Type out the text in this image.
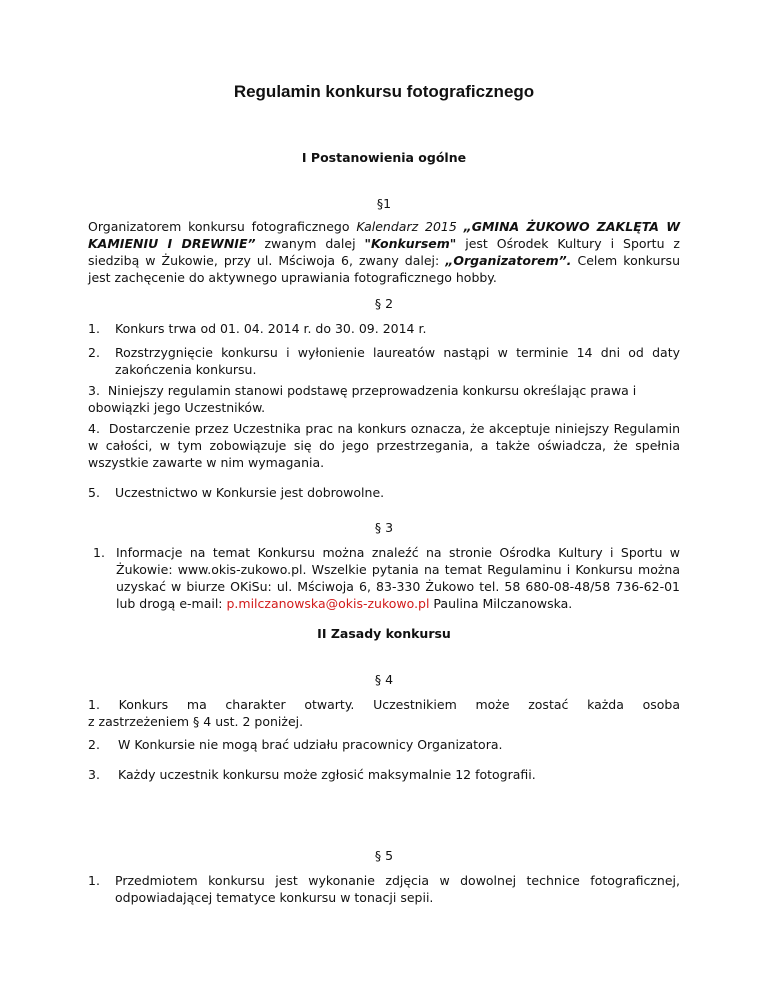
Regulamin konkursu fotograficznego
I Postanowienia ogólne
§1
Organizatorem konkursu fotograficznego Kalendarz 2015 „GMINA ŻUKOWO ZAKLĘTA W KAMIENIU I DREWNIE” zwanym dalej "Konkursem" jest Ośrodek Kultury i Sportu z siedzibą w Żukowie, przy ul. Mściwoja 6, zwany dalej: „Organizatorem”. Celem konkursu jest zachęcenie do aktywnego uprawiania fotograficznego hobby.
§ 2
1.	Konkurs trwa od 01. 04. 2014 r. do 30. 09. 2014 r.
2.	Rozstrzygnięcie konkursu i wyłonienie laureatów nastąpi w terminie 14 dni od daty zakończenia konkursu.
3. Niniejszy regulamin stanowi podstawę przeprowadzenia konkursu określając prawa i obowiązki jego Uczestników.
4. Dostarczenie przez Uczestnika prac na konkurs oznacza, że akceptuje niniejszy Regulamin w całości, w tym zobowiązuje się do jego przestrzegania, a także oświadcza, że spełnia wszystkie zawarte w nim wymagania.
5.	Uczestnictwo w Konkursie jest dobrowolne.
§ 3
1. Informacje na temat Konkursu można znaleźć na stronie Ośrodka Kultury i Sportu w Żukowie: www.okis-zukowo.pl. Wszelkie pytania na temat Regulaminu i Konkursu można uzyskać w biurze OKiSu: ul. Mściwoja 6, 83-330 Żukowo tel. 58 680-08-48/58 736-62-01 lub drogą e-mail: p.milczanowska@okis-zukowo.pl Paulina Milczanowska.
II Zasady konkursu
§ 4
1. Konkurs ma charakter otwarty. Uczestnikiem może zostać każda osoba
z zastrzeżeniem § 4 ust. 2 poniżej.
2.	W Konkursie nie mogą brać udziału pracownicy Organizatora.
3.	Każdy uczestnik konkursu może zgłosić maksymalnie 12 fotografii.
§ 5
1.	Przedmiotem konkursu jest wykonanie zdjęcia w dowolnej technice fotograficznej, odpowiadającej tematyce konkursu w tonacji sepii.
